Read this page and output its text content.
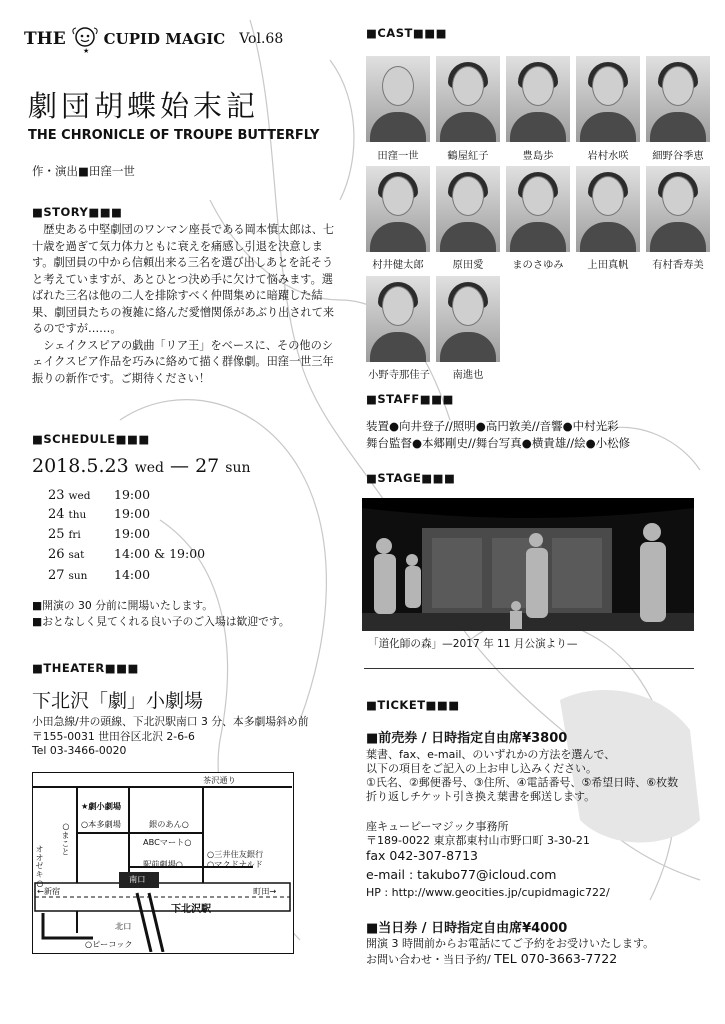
THE
★
CUPID MAGIC Vol.68
劇団胡蝶始末記
THE CHRONICLE OF TROUPE BUTTERFLY
作・演出■田窪一世
■STORY■■■

歴史ある中堅劇団のワンマン座長である岡本慎太郎は、七十歳を過ぎて気力体力ともに衰えを痛感し引退を決意します。劇団員の中から信頼出来る三名を選び出しあとを託そうと考えていますが、あとひとつ決め手に欠けて悩みます。選ばれた三名は他の二人を排除すべく仲間集めに暗躍した結果、劇団員たちの複雑に絡んだ愛憎関係があぶり出されて来るのですが……。

シェイクスピアの戯曲「リア王」をベースに、その他のシェイクスピア作品を巧みに絡めて描く群像劇。田窪一世三年振りの新作です。ご期待ください！

■SCHEDULE■■■
2018.5.23 wed — 27 sun
23 wed 19:00
24 thu 19:00
25 fri	19:00
26 sat 14:00 & 19:00
27 sun 14:00
■開演の 30 分前に開場いたします。
■おとなしく見てくれる良い子のご入場は歓迎です。
■THEATER■■■
下北沢「劇」小劇場
小田急線/井の頭線、下北沢駅南口 3 分、本多劇場斜め前
〒155-0031 世田谷区北沢 2-6-6
Tel 03-3466-0020
茶沢通り
★劇小劇場
○本多劇場	銀のあん○
ABCマート○
○三井住友銀行
駅前劇場○	○マクドナルド
南口
←新宿	町田→
下北沢駅
北口
○ピーコック
オオゼキ○
○まこと
■CAST■■■
田窪一世	鶴屋紅子	豊島歩	岩村水咲	細野谷季恵
村井健太郎	原田愛	まのさゆみ	上田真帆	有村香寿美
小野寺那佳子	南進也
■STAFF■■■
装置●向井登子//照明●高円敦美//音響●中村光彩
舞台監督●本郷剛史//舞台写真●横貴雄//絵●小松修
■STAGE■■■
「道化師の森」—2017 年 11 月公演より—
■TICKET■■■
■前売券 / 日時指定自由席¥3800
葉書、fax、e-mail、のいずれかの方法を選んで、
以下の項目をご記入の上お申し込みください。
①氏名、②郵便番号、③住所、④電話番号、⑤希望日時、⑥枚数
折り返しチケット引き換え葉書を郵送します。
座キューピーマジック事務所
〒189-0022 東京都東村山市野口町 3-30-21
fax 042-307-8713
e-mail : takubo77@icloud.com
HP : http://www.geocities.jp/cupidmagic722/
■当日券 / 日時指定自由席¥4000
開演 3 時間前からお電話にてご予約をお受けいたします。
お問い合わせ・当日予約/ TEL 070-3663-7722
